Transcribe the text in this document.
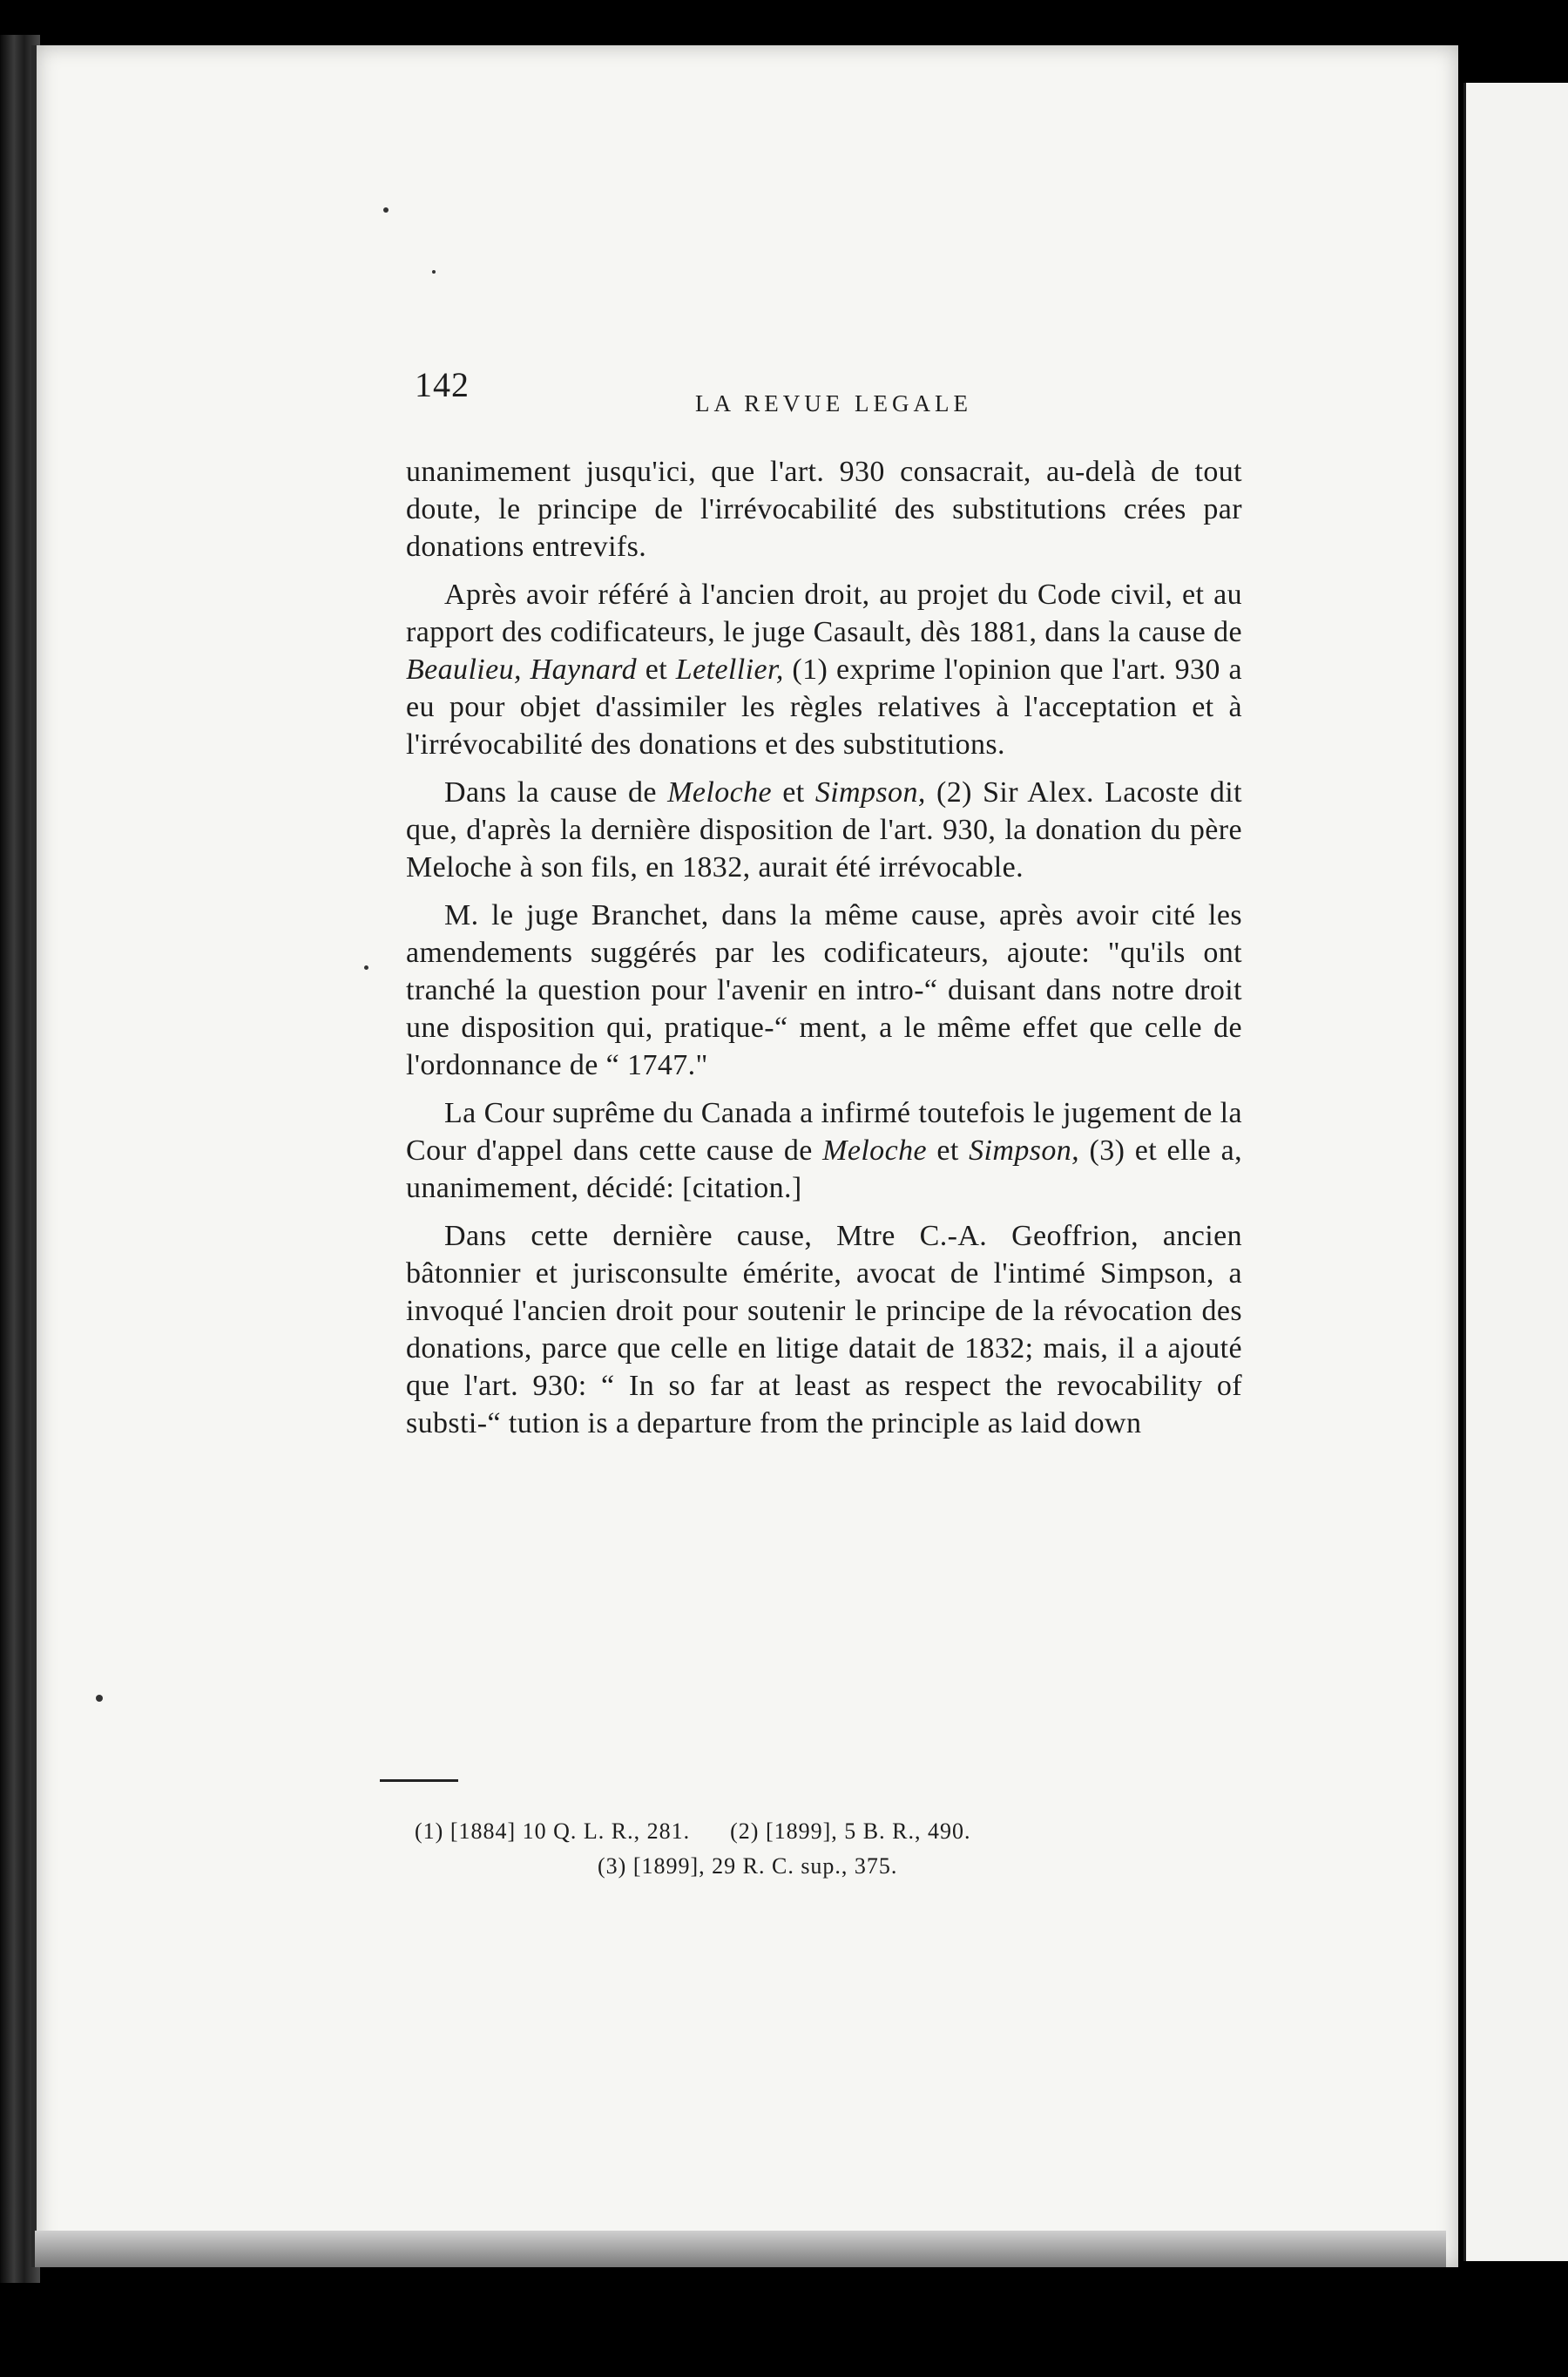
142	LA REVUE LEGALE

unanimement jusqu'ici, que l'art. 930 consacrait, au-delà de tout doute, le principe de l'irrévocabilité des substitutions crées par donations entrevifs.

Après avoir référé à l'ancien droit, au projet du Code civil, et au rapport des codificateurs, le juge Casault, dès 1881, dans la cause de Beaulieu, Haynard et Letellier, (1) exprime l'opinion que l'art. 930 a eu pour objet d'assimiler les règles relatives à l'acceptation et à l'irrévocabilité des donations et des substitutions.

Dans la cause de Meloche et Simpson, (2) Sir Alex. Lacoste dit que, d'après la dernière disposition de l'art. 930, la donation du père Meloche à son fils, en 1832, aurait été irrévocable.

M. le juge Branchet, dans la même cause, après avoir cité les amendements suggérés par les codificateurs, ajoute: "qu'ils ont tranché la question pour l'avenir en intro-“ duisant dans notre droit une disposition qui, pratique-“ ment, a le même effet que celle de l'ordonnance de “ 1747."

La Cour suprême du Canada a infirmé toutefois le jugement de la Cour d'appel dans cette cause de Meloche et Simpson, (3) et elle a, unanimement, décidé: [citation.]

Dans cette dernière cause, Mtre C.-A. Geoffrion, ancien bâtonnier et jurisconsulte émérite, avocat de l'intimé Simpson, a invoqué l'ancien droit pour soutenir le principe de la révocation des donations, parce que celle en litige datait de 1832; mais, il a ajouté que l'art. 930: “ In so far at least as respect the revocability of substi-“ tution is a departure from the principle as laid down

(1) [1884] 10 Q. L. R., 281. (2) [1899], 5 B. R., 490.
(3) [1899], 29 R. C. sup., 375.
